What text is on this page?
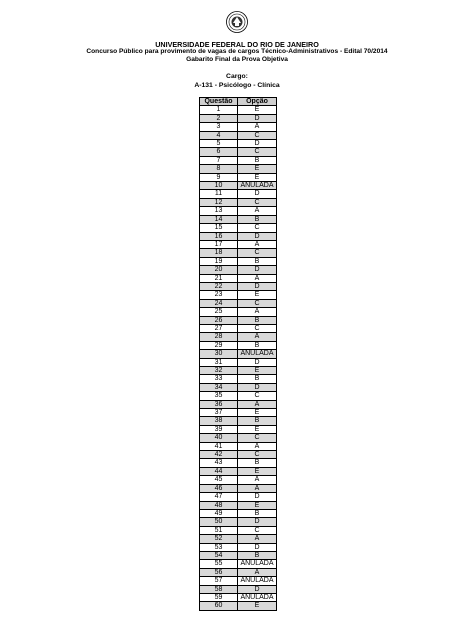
UNIVERSIDADE FEDERAL DO RIO DE JANEIRO
Concurso Público para provimento de vagas de cargos Técnico-Administrativos - Edital 70/2014
Gabarito Final da Prova Objetiva
Cargo:
A-131 - Psicólogo - Clínica
Questão	Opção
1	E
2	D
3	A
4	C
5	D
6	C
7	B
8	E
9	E
10	ANULADA
11	D
12	C
13	A
14	B
15	C
16	D
17	A
18	C
19	B
20	D
21	A
22	D
23	E
24	C
25	A
26	B
27	C
28	A
29	B
30	ANULADA
31	D
32	E
33	B
34	D
35	C
36	A
37	E
38	B
39	E
40	C
41	A
42	C
43	B
44	E
45	A
46	A
47	D
48	E
49	B
50	D
51	C
52	A
53	D
54	B
55	ANULADA
56	A
57	ANULADA
58	D
59	ANULADA
60	E
